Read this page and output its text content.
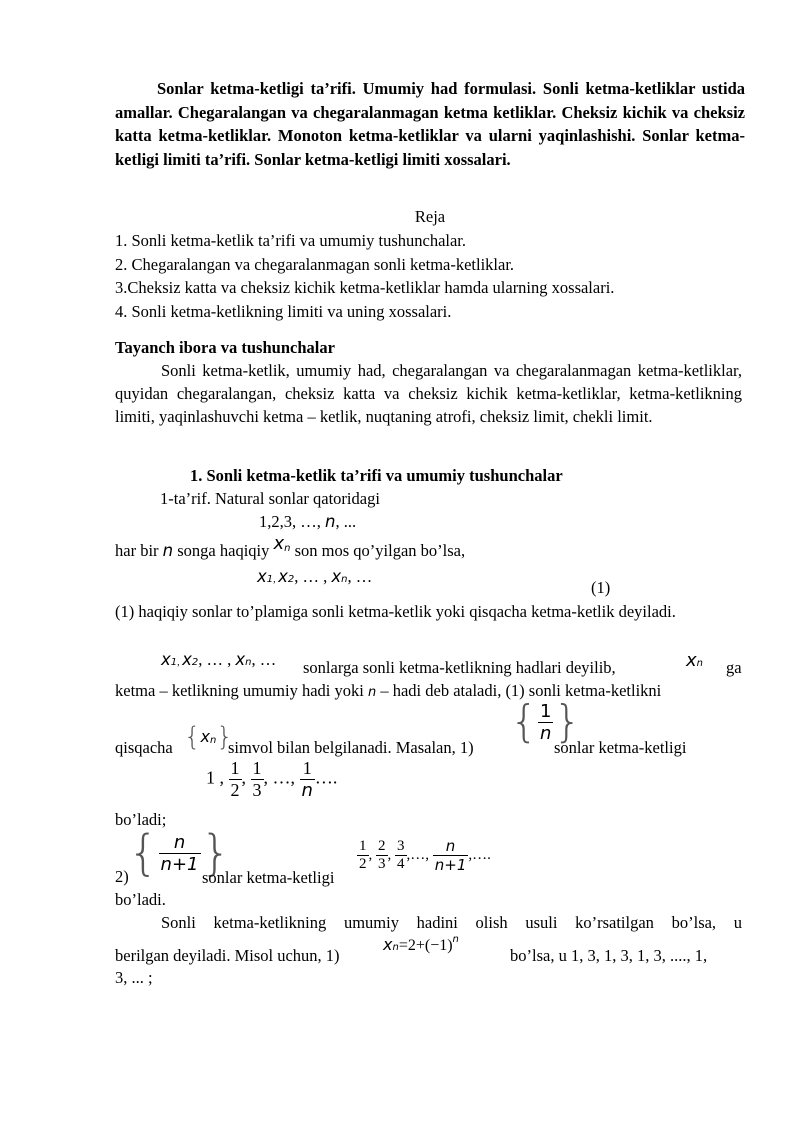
Sonlar ketma-ketligi ta’rifi. Umumiy had formulasi. Sonli ketma-ketliklar ustida amallar. Chegaralangan va chegaralanmagan ketma ketliklar. Cheksiz kichik va cheksiz katta ketma-ketliklar. Monoton ketma-ketliklar va ularni yaqinlashishi. Sonlar ketma-ketligi limiti ta’rifi. Sonlar ketma-ketligi limiti xossalari.
Reja
1. Sonli ketma-ketlik ta’rifi va umumiy tushunchalar.
2. Chegaralangan va chegaralanmagan sonli ketma-ketliklar.
3.Cheksiz katta va cheksiz kichik ketma-ketliklar hamda ularning xossalari.
4. Sonli ketma-ketlikning limiti va uning xossalari.
Tayanch ibora va tushunchalar
Sonli ketma-ketlik, umumiy had, chegaralangan va chegaralanmagan ketma-ketliklar, quyidan chegaralangan, cheksiz katta va cheksiz kichik ketma-ketliklar, ketma-ketlikning limiti, yaqinlashuvchi ketma – ketlik, nuqtaning atrofi, cheksiz limit, chekli limit.
1. Sonli ketma-ketlik ta’rifi va umumiy tushunchalar
1-ta’rif. Natural sonlar qatoridagi
1,2,3, …, n, ...
har bir n songa haqiqiy $x^n$ son mos qo’yilgan bo’lsa,
x1, x2, … , xn, …
(1)
(1) haqiqiy sonlar to’plamiga sonli ketma-ketlik yoki qisqacha ketma-ketlik deyiladi.
x1, x2, … , xn, … sonlarga sonli ketma-ketlikning hadlari deyilib,	xn ga
ketma – ketlikning umumiy hadi yoki n – hadi deb ataladi, (1) sonli ketma-ketlikni
qisqacha {xn}
simvol bilan belgilanadi. Masalan, 1)
{ $\frac{1}{n}$ }
sonlar ketma-ketligi
1 , $\frac{1}{2}$ , $\frac{1}{3}$ , …, $\frac{1}{n}$ ….
bo’ladi;
{ $\frac{n}{n+1}$ }
2)	sonlar ketma-ketligi
$\frac{1}{2}$ , $\frac{2}{3}$ , $\frac{3}{4}$ ,…, $\frac{n}{n+1}$ ,….
bo’ladi.
Sonli ketma-ketlikning umumiy hadini olish usuli ko’rsatilgan bo’lsa, u
berilgan deyiladi. Misol uchun, 1)
$xn=2+(-1)^n$
bo’lsa, u 1, 3, 1, 3, 1, 3, ...., 1,
3, ... ;
